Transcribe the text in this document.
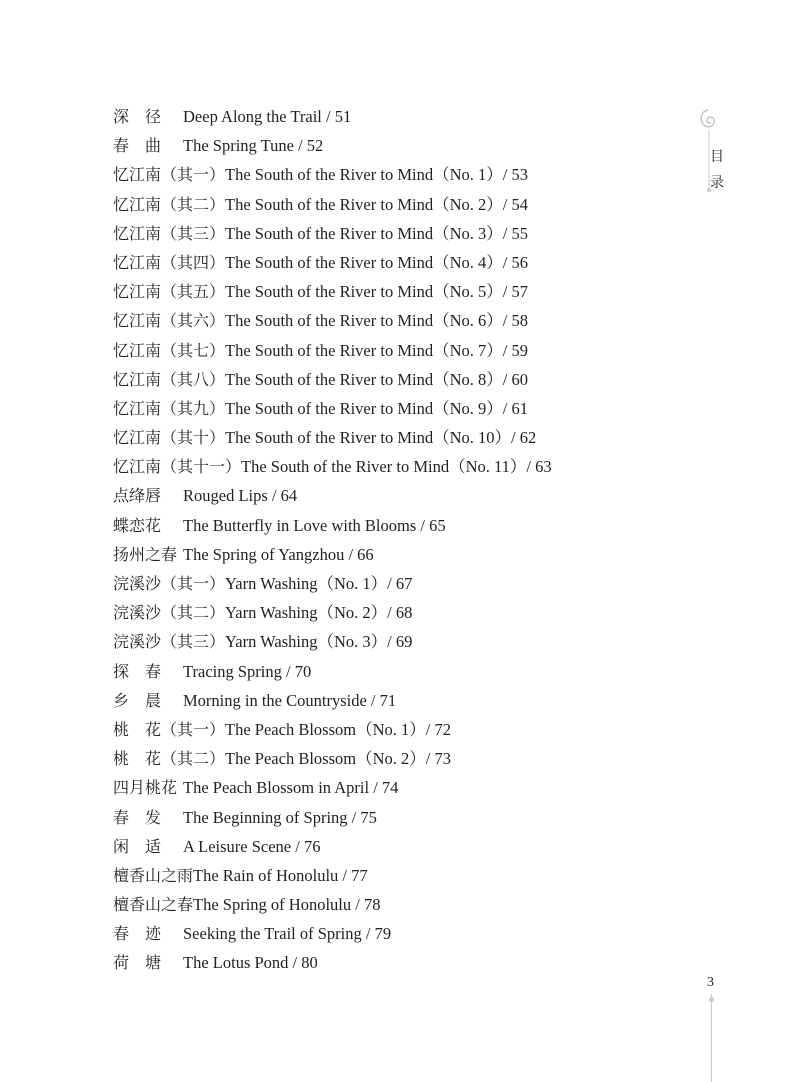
深　径 Deep Along the Trail / 51
春　曲 The Spring Tune / 52
忆江南（其一）The South of the River to Mind（No. 1）/ 53
忆江南（其二）The South of the River to Mind（No. 2）/ 54
忆江南（其三）The South of the River to Mind（No. 3）/ 55
忆江南（其四）The South of the River to Mind（No. 4）/ 56
忆江南（其五）The South of the River to Mind（No. 5）/ 57
忆江南（其六）The South of the River to Mind（No. 6）/ 58
忆江南（其七）The South of the River to Mind（No. 7）/ 59
忆江南（其八）The South of the River to Mind（No. 8）/ 60
忆江南（其九）The South of the River to Mind（No. 9）/ 61
忆江南（其十）The South of the River to Mind（No. 10）/ 62
忆江南（其十一）The South of the River to Mind（No. 11）/ 63
点绛唇 Rouged Lips / 64
蝶恋花 The Butterfly in Love with Blooms / 65
扬州之春 The Spring of Yangzhou / 66
浣溪沙（其一）Yarn Washing（No. 1）/ 67
浣溪沙（其二）Yarn Washing（No. 2）/ 68
浣溪沙（其三）Yarn Washing（No. 3）/ 69
探　春 Tracing Spring / 70
乡　晨 Morning in the Countryside / 71
桃　花（其一）The Peach Blossom（No. 1）/ 72
桃　花（其二）The Peach Blossom（No. 2）/ 73
四月桃花 The Peach Blossom in April / 74
春　发 The Beginning of Spring / 75
闲　适 A Leisure Scene / 76
檀香山之雨The Rain of Honolulu / 77
檀香山之春The Spring of Honolulu / 78
春　迹 Seeking the Trail of Spring / 79
荷　塘 The Lotus Pond / 80
目
录
3
